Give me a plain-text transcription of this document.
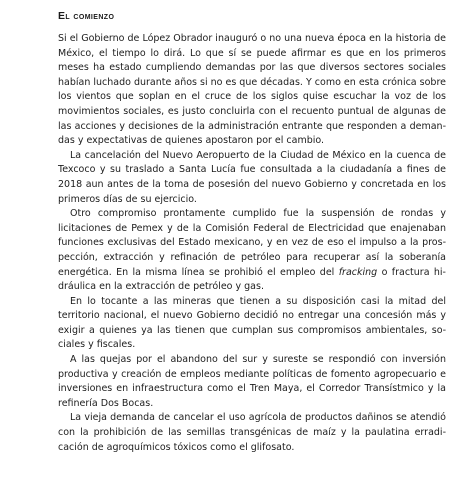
El comienzo

Si el Gobierno de López Obrador inauguró o no una nueva época en la historia de México, el tiempo lo dirá. Lo que sí se puede afirmar es que en los primeros meses ha estado cumpliendo demandas por las que diversos sectores sociales habían luchado durante años si no es que décadas. Y como en esta crónica sobre los vientos que soplan en el cruce de los siglos quise escuchar la voz de los movimientos sociales, es justo concluirla con el recuento puntual de algunas de las acciones y decisiones de la administración entrante que responden a demandas y expectativas de quienes apostaron por el cambio.

La cancelación del Nuevo Aeropuerto de la Ciudad de México en la cuenca de Texcoco y su traslado a Santa Lucía fue consultada a la ciudadanía a fines de 2018 aun antes de la toma de posesión del nuevo Gobierno y concretada en los primeros días de su ejercicio.

Otro compromiso prontamente cumplido fue la suspensión de rondas y licitaciones de Pemex y de la Comisión Federal de Electricidad que enajenaban funciones exclusivas del Estado mexicano, y en vez de eso el impulso a la prospección, extracción y refinación de petróleo para recuperar así la soberanía energética. En la misma línea se prohibió el empleo del fracking o fractura hidráulica en la extracción de petróleo y gas.

En lo tocante a las mineras que tienen a su disposición casi la mitad del territorio nacional, el nuevo Gobierno decidió no entregar una concesión más y exigir a quienes ya las tienen que cumplan sus compromisos ambientales, sociales y fiscales.

A las quejas por el abandono del sur y sureste se respondió con inversión productiva y creación de empleos mediante políticas de fomento agropecuario e inversiones en infraestructura como el Tren Maya, el Corredor Transístmico y la refinería Dos Bocas.

La vieja demanda de cancelar el uso agrícola de productos dañinos se atendió con la prohibición de las semillas transgénicas de maíz y la paulatina erradicación de agroquímicos tóxicos como el glifosato.
